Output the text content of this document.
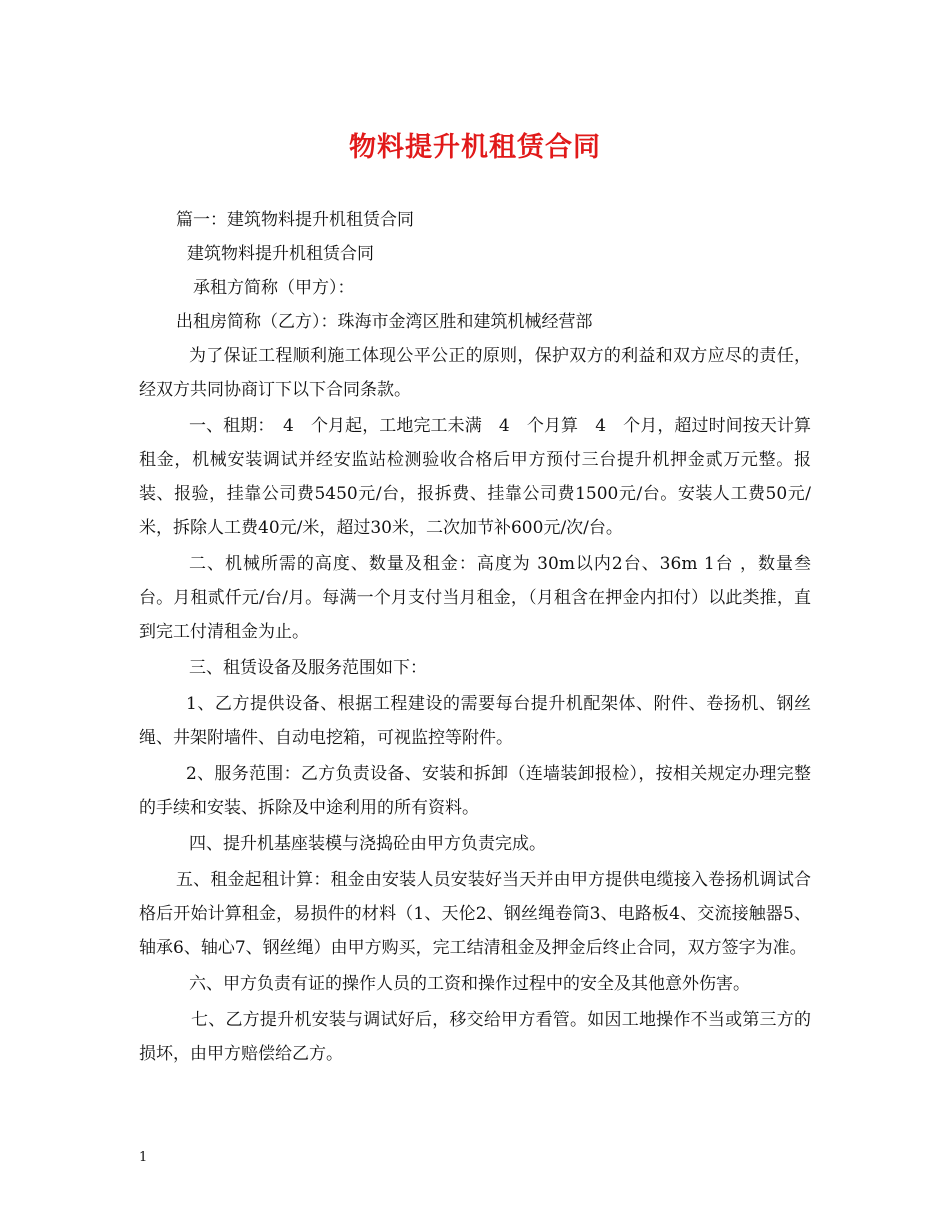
物料提升机租赁合同
篇一：建筑物料提升机租赁合同
建筑物料提升机租赁合同
承租方简称（甲方）：
出租房简称（乙方）：珠海市金湾区胜和建筑机械经营部

为了保证工程顺利施工体现公平公正的原则，保护双方的利益和双方应尽的责任，经双方共同协商订下以下合同条款。

一、租期：　4　个月起，工地完工未满　4　个月算　4　个月，超过时间按天计算租金，机械安装调试并经安监站检测验收合格后甲方预付三台提升机押金贰万元整。报装、报验，挂靠公司费5450元/台，报拆费、挂靠公司费1500元/台。安装人工费50元/米，拆除人工费40元/米，超过30米，二次加节补600元/次/台。

二、机械所需的高度、数量及租金：高度为 30m以内2台、36m 1台 ，数量叁台。月租贰仟元/台/月。每满一个月支付当月租金，（月租含在押金内扣付）以此类推，直到完工付清租金为止。

三、租赁设备及服务范围如下：

1、乙方提供设备、根据工程建设的需要每台提升机配架体、附件、卷扬机、钢丝绳、井架附墙件、自动电挖箱，可视监控等附件。

2、服务范围：乙方负责设备、安装和拆卸（连墙装卸报检），按相关规定办理完整的手续和安装、拆除及中途利用的所有资料。

四、提升机基座装模与浇捣砼由甲方负责完成。

五、租金起租计算：租金由安装人员安装好当天并由甲方提供电缆接入卷扬机调试合格后开始计算租金，易损件的材料（1、天伦2、钢丝绳卷筒3、电路板4、交流接触器5、轴承6、轴心7、钢丝绳）由甲方购买，完工结清租金及押金后终止合同，双方签字为准。

六、甲方负责有证的操作人员的工资和操作过程中的安全及其他意外伤害。

七、乙方提升机安装与调试好后，移交给甲方看管。如因工地操作不当或第三方的损坏，由甲方赔偿给乙方。

1
